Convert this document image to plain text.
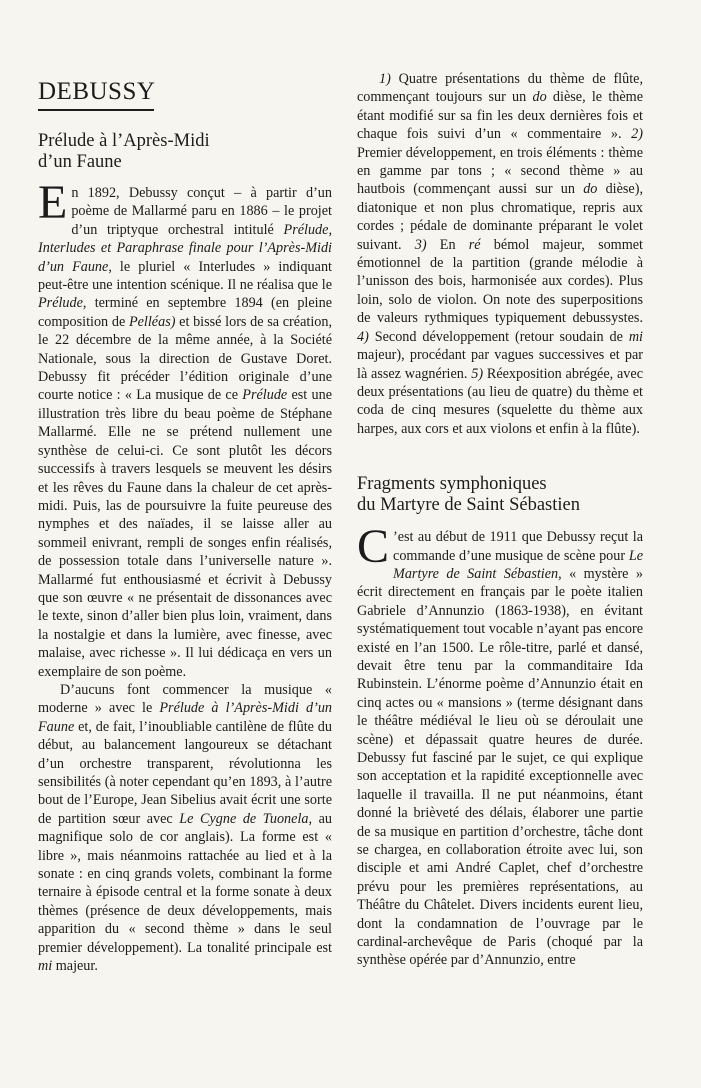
DEBUSSY
Prélude à l’Après-Midi
d’un Faune

En 1892, Debussy conçut – à partir d’un poème de Mallarmé paru en 1886 – le projet d’un triptyque orchestral intitulé Prélude, Interludes et Paraphrase finale pour l’Après-Midi d’un Faune, le pluriel « Interludes » indiquant peut-être une intention scénique. Il ne réalisa que le Prélude, terminé en septembre 1894 (en pleine composition de Pelléas) et bissé lors de sa création, le 22 décembre de la même année, à la Société Nationale, sous la direction de Gustave Doret. Debussy fit précéder l’édition originale d’une courte notice : « La musique de ce Prélude est une illustration très libre du beau poème de Stéphane Mallarmé. Elle ne se prétend nullement une synthèse de celui-ci. Ce sont plutôt les décors successifs à travers lesquels se meuvent les désirs et les rêves du Faune dans la chaleur de cet après-midi. Puis, las de poursuivre la fuite peureuse des nymphes et des naïades, il se laisse aller au sommeil enivrant, rempli de songes enfin réalisés, de possession totale dans l’universelle nature ». Mallarmé fut enthousiasmé et écrivit à Debussy que son œuvre « ne présentait de dissonances avec le texte, sinon d’aller bien plus loin, vraiment, dans la nostalgie et dans la lumière, avec finesse, avec malaise, avec richesse ». Il lui dédicaça en vers un exemplaire de son poème.

D’aucuns font commencer la musique « moderne » avec le Prélude à l’Après-Midi d’un Faune et, de fait, l’inoubliable cantilène de flûte du début, au balancement langoureux se détachant d’un orchestre transparent, révolutionna les sensibilités (à noter cependant qu’en 1893, à l’autre bout de l’Europe, Jean Sibelius avait écrit une sorte de partition sœur avec Le Cygne de Tuonela, au magnifique solo de cor anglais). La forme est « libre », mais néanmoins rattachée au lied et à la sonate : en cinq grands volets, combinant la forme ternaire à épisode central et la forme sonate à deux thèmes (présence de deux développements, mais apparition du « second thème » dans le seul premier développement). La tonalité principale est mi majeur.

1) Quatre présentations du thème de flûte, commençant toujours sur un do dièse, le thème étant modifié sur sa fin les deux dernières fois et chaque fois suivi d’un « commentaire ». 2) Premier développement, en trois éléments : thème en gamme par tons ; « second thème » au hautbois (commençant aussi sur un do dièse), diatonique et non plus chromatique, repris aux cordes ; pédale de dominante préparant le volet suivant. 3) En ré bémol majeur, sommet émotionnel de la partition (grande mélodie à l’unisson des bois, harmonisée aux cordes). Plus loin, solo de violon. On note des superpositions de valeurs rythmiques typiquement debussystes. 4) Second développement (retour soudain de mi majeur), procédant par vagues successives et par là assez wagnérien. 5) Réexposition abrégée, avec deux présentations (au lieu de quatre) du thème et coda de cinq mesures (squelette du thème aux harpes, aux cors et aux violons et enfin à la flûte).

Fragments symphoniques
du Martyre de Saint Sébastien

C ’est au début de 1911 que Debussy reçut la commande d’une musique de scène pour Le Martyre de Saint Sébastien, « mystère » écrit directement en français par le poète italien Gabriele d’Annunzio (1863-1938), en évitant systématiquement tout vocable n’ayant pas encore existé en l’an 1500. Le rôle-titre, parlé et dansé, devait être tenu par la commanditaire Ida Rubinstein. L’énorme poème d’Annunzio était en cinq actes ou « mansions » (terme désignant dans le théâtre médiéval le lieu où se déroulait une scène) et dépassait quatre heures de durée. Debussy fut fasciné par le sujet, ce qui explique son acceptation et la rapidité exceptionnelle avec laquelle il travailla. Il ne put néanmoins, étant donné la brièveté des délais, élaborer une partie de sa musique en partition d’orchestre, tâche dont se chargea, en collaboration étroite avec lui, son disciple et ami André Caplet, chef d’orchestre prévu pour les premières représentations, au Théâtre du Châtelet. Divers incidents eurent lieu, dont la condamnation de l’ouvrage par le cardinal-archevêque de Paris (choqué par la synthèse opérée par d’Annunzio, entre
